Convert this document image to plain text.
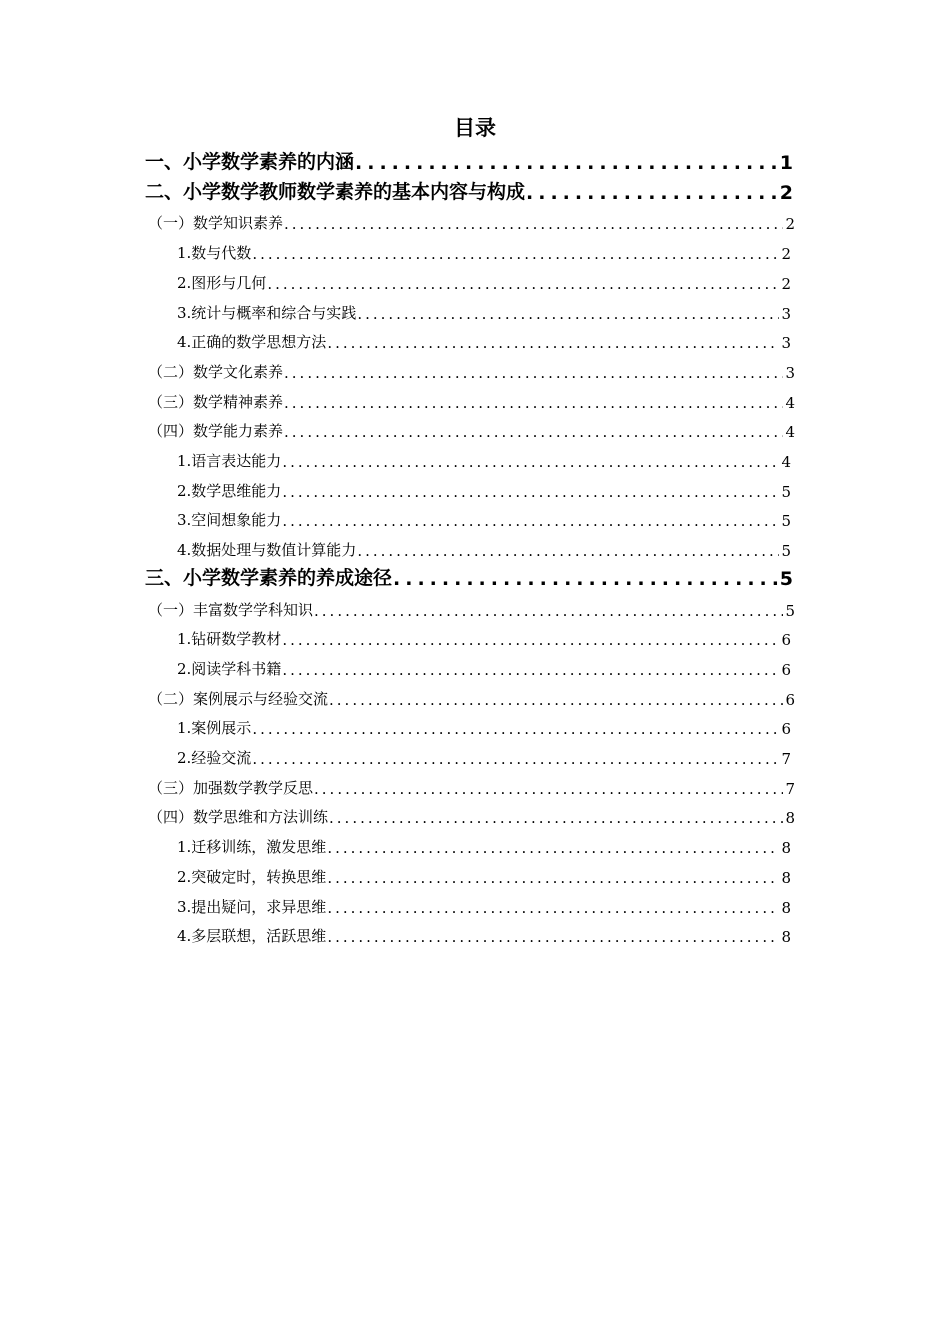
目录
一、小学数学素养的内涵 .....	1
二、小学数学教师数学素养的基本内容与构成 .....	2
（一）数学知识素养 .....	2
1.数与代数 .....	2
2.图形与几何 .....	2
3.统计与概率和综合与实践 .....	3
4.正确的数学思想方法 .....	3
（二）数学文化素养 .....	3
（三）数学精神素养 .....	4
（四）数学能力素养 .....	4
1.语言表达能力 .....	4
2.数学思维能力 .....	5
3.空间想象能力 .....	5
4.数据处理与数值计算能力 .....	5
三、小学数学素养的养成途径 .....	5
（一）丰富数学学科知识 .....	5
1.钻研数学教材 .....	6
2.阅读学科书籍 .....	6
（二）案例展示与经验交流 .....	6
1.案例展示 .....	6
2.经验交流 .....	7
（三）加强数学教学反思 .....	7
（四）数学思维和方法训练 .....	8
1.迁移训练，激发思维 .....	8
2.突破定时，转换思维 .....	8
3.提出疑问，求异思维 .....	8
4.多层联想，活跃思维 .....	8
